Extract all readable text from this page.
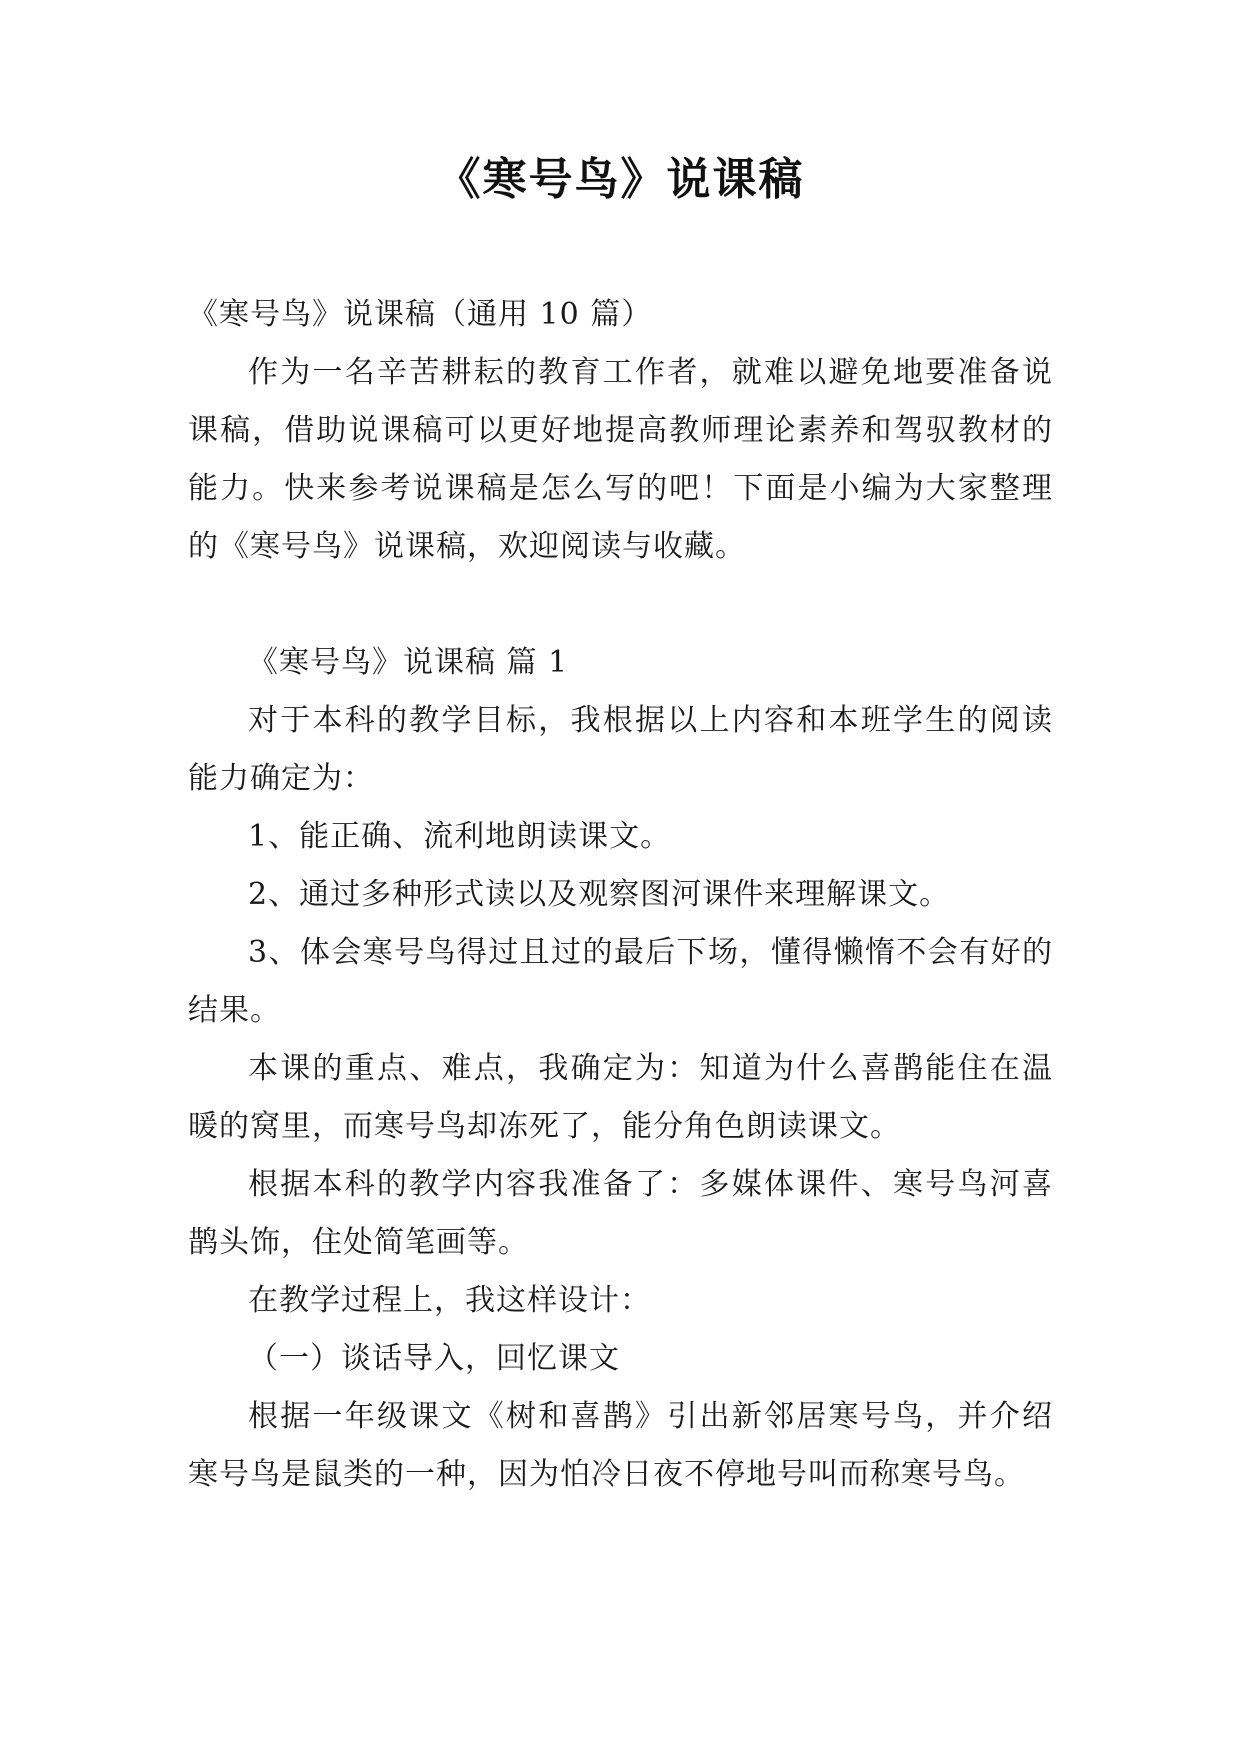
《寒号鸟》说课稿

《寒号鸟》说课稿（通用 10 篇）

作为一名辛苦耕耘的教育工作者，就难以避免地要准备说课稿，借助说课稿可以更好地提高教师理论素养和驾驭教材的能力。快来参考说课稿是怎么写的吧！下面是小编为大家整理的《寒号鸟》说课稿，欢迎阅读与收藏。

《寒号鸟》说课稿 篇 1

对于本科的教学目标，我根据以上内容和本班学生的阅读能力确定为：

1、能正确、流利地朗读课文。

2、通过多种形式读以及观察图河课件来理解课文。

3、体会寒号鸟得过且过的最后下场，懂得懒惰不会有好的结果。

本课的重点、难点，我确定为：知道为什么喜鹊能住在温暖的窝里，而寒号鸟却冻死了，能分角色朗读课文。

根据本科的教学内容我准备了：多媒体课件、寒号鸟河喜鹊头饰，住处简笔画等。

在教学过程上，我这样设计：

（一）谈话导入，回忆课文

根据一年级课文《树和喜鹊》引出新邻居寒号鸟，并介绍寒号鸟是鼠类的一种，因为怕冷日夜不停地号叫而称寒号鸟。
